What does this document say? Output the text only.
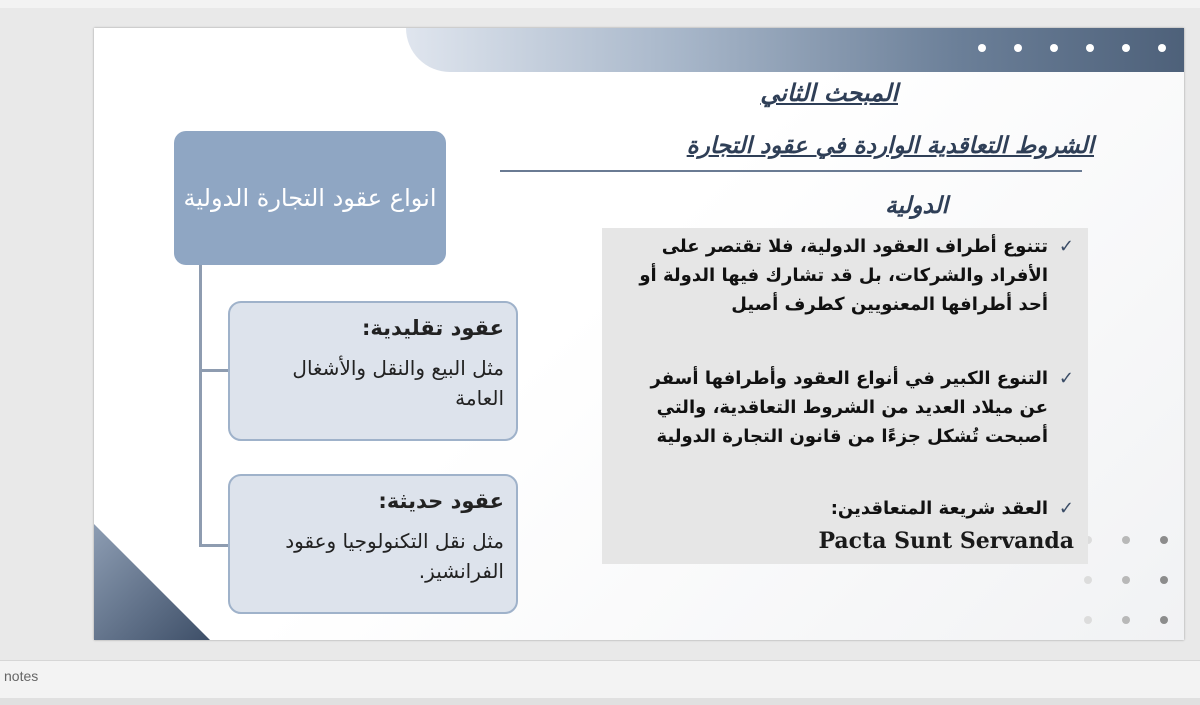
المبحث الثاني
الشروط التعاقدية الواردة في عقود التجارة
الدولية
✓
تتنوع أطراف العقود الدولية، فلا تقتصر على الأفراد والشركات، بل قد تشارك فيها الدولة أو أحد أطرافها المعنويين كطرف أصيل
✓
التنوع الكبير في أنواع العقود وأطرافها أسفر عن ميلاد العديد من الشروط التعاقدية، والتي أصبحت تُشكل جزءًا من قانون التجارة الدولية
✓
العقد شريعة المتعاقدين:
Pacta Sunt Servanda
انواع عقود التجارة الدولية
عقود تقليدية:
مثل البيع والنقل والأشغال العامة
عقود حديثة:
مثل نقل التكنولوجيا وعقود الفرانشيز.
notes
